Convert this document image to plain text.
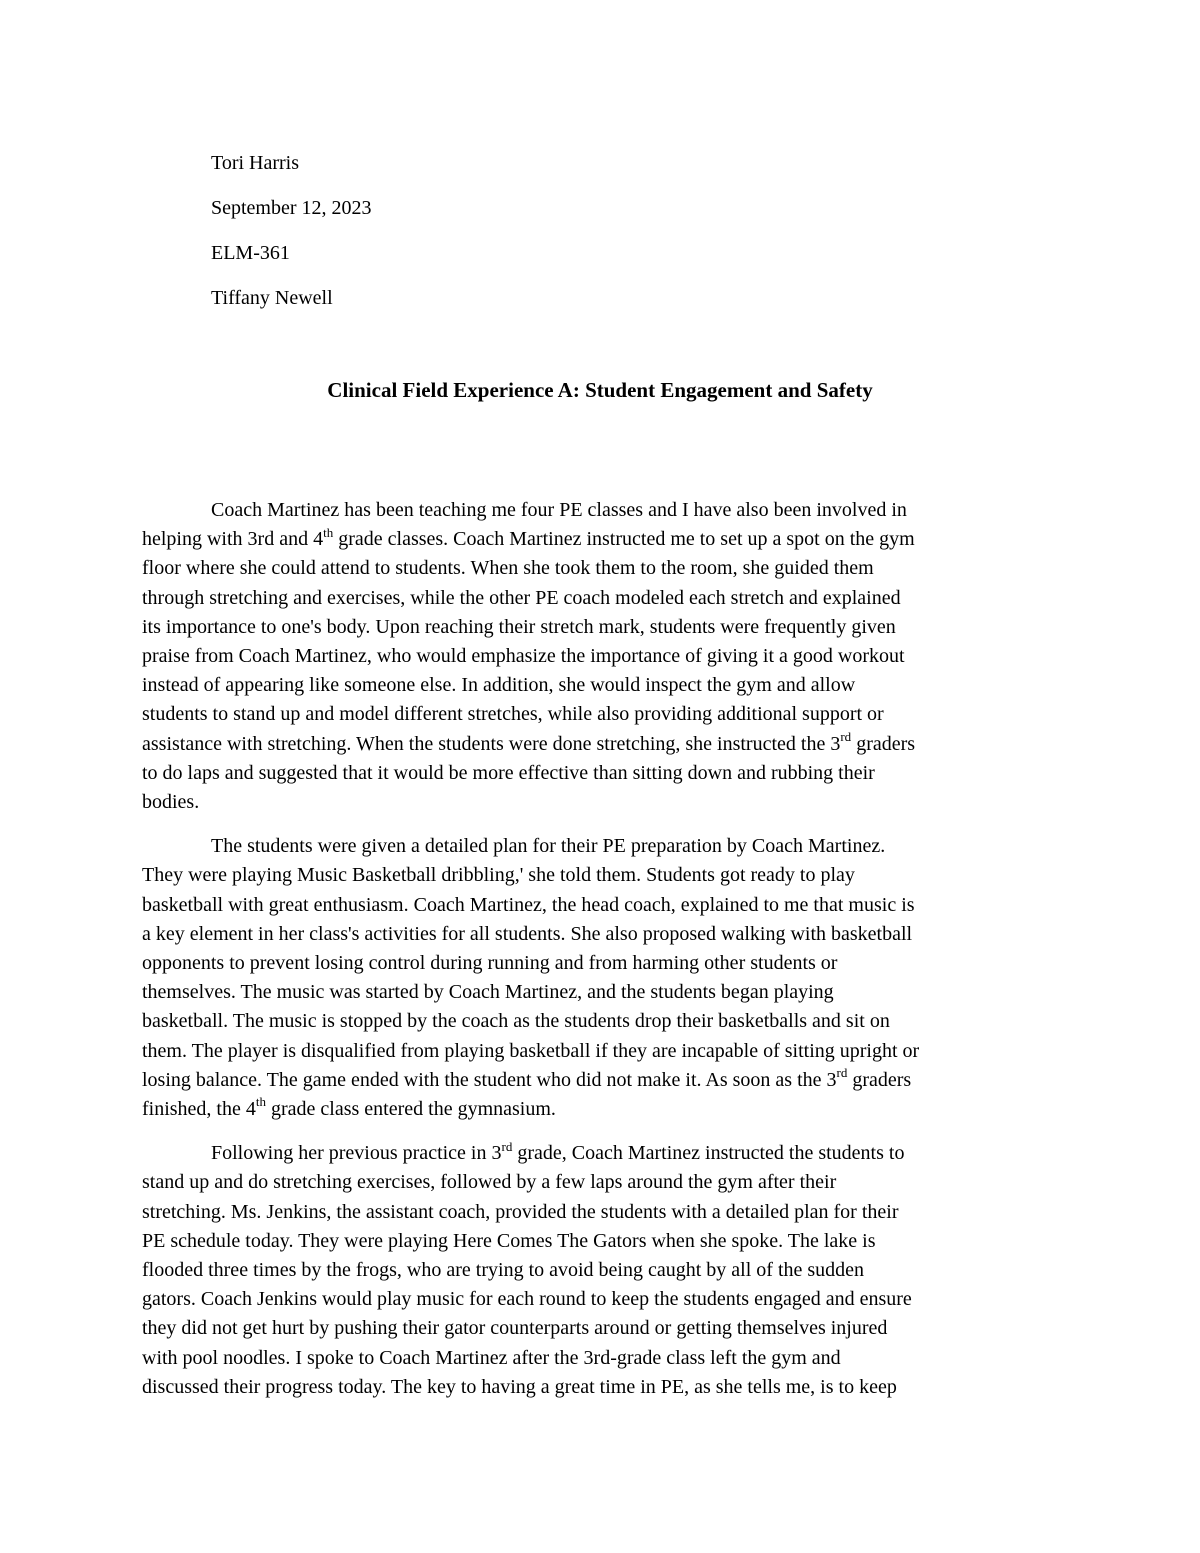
Tori Harris
September 12, 2023
ELM-361
Tiffany Newell
Clinical Field Experience A: Student Engagement and Safety
Coach Martinez has been teaching me four PE classes and I have also been involved in
helping with 3rd and 4th grade classes. Coach Martinez instructed me to set up a spot on the gym
floor where she could attend to students. When she took them to the room, she guided them
through stretching and exercises, while the other PE coach modeled each stretch and explained
its importance to one's body. Upon reaching their stretch mark, students were frequently given
praise from Coach Martinez, who would emphasize the importance of giving it a good workout
instead of appearing like someone else. In addition, she would inspect the gym and allow
students to stand up and model different stretches, while also providing additional support or
assistance with stretching. When the students were done stretching, she instructed the 3rd graders
to do laps and suggested that it would be more effective than sitting down and rubbing their
bodies.
The students were given a detailed plan for their PE preparation by Coach Martinez.
They were playing Music Basketball dribbling,' she told them. Students got ready to play
basketball with great enthusiasm. Coach Martinez, the head coach, explained to me that music is
a key element in her class's activities for all students. She also proposed walking with basketball
opponents to prevent losing control during running and from harming other students or
themselves. The music was started by Coach Martinez, and the students began playing
basketball. The music is stopped by the coach as the students drop their basketballs and sit on
them. The player is disqualified from playing basketball if they are incapable of sitting upright or
losing balance. The game ended with the student who did not make it. As soon as the 3rd graders
finished, the 4th grade class entered the gymnasium.
Following her previous practice in 3rd grade, Coach Martinez instructed the students to
stand up and do stretching exercises, followed by a few laps around the gym after their
stretching. Ms. Jenkins, the assistant coach, provided the students with a detailed plan for their
PE schedule today. They were playing Here Comes The Gators when she spoke. The lake is
flooded three times by the frogs, who are trying to avoid being caught by all of the sudden
gators. Coach Jenkins would play music for each round to keep the students engaged and ensure
they did not get hurt by pushing their gator counterparts around or getting themselves injured
with pool noodles. I spoke to Coach Martinez after the 3rd-grade class left the gym and
discussed their progress today. The key to having a great time in PE, as she tells me, is to keep
